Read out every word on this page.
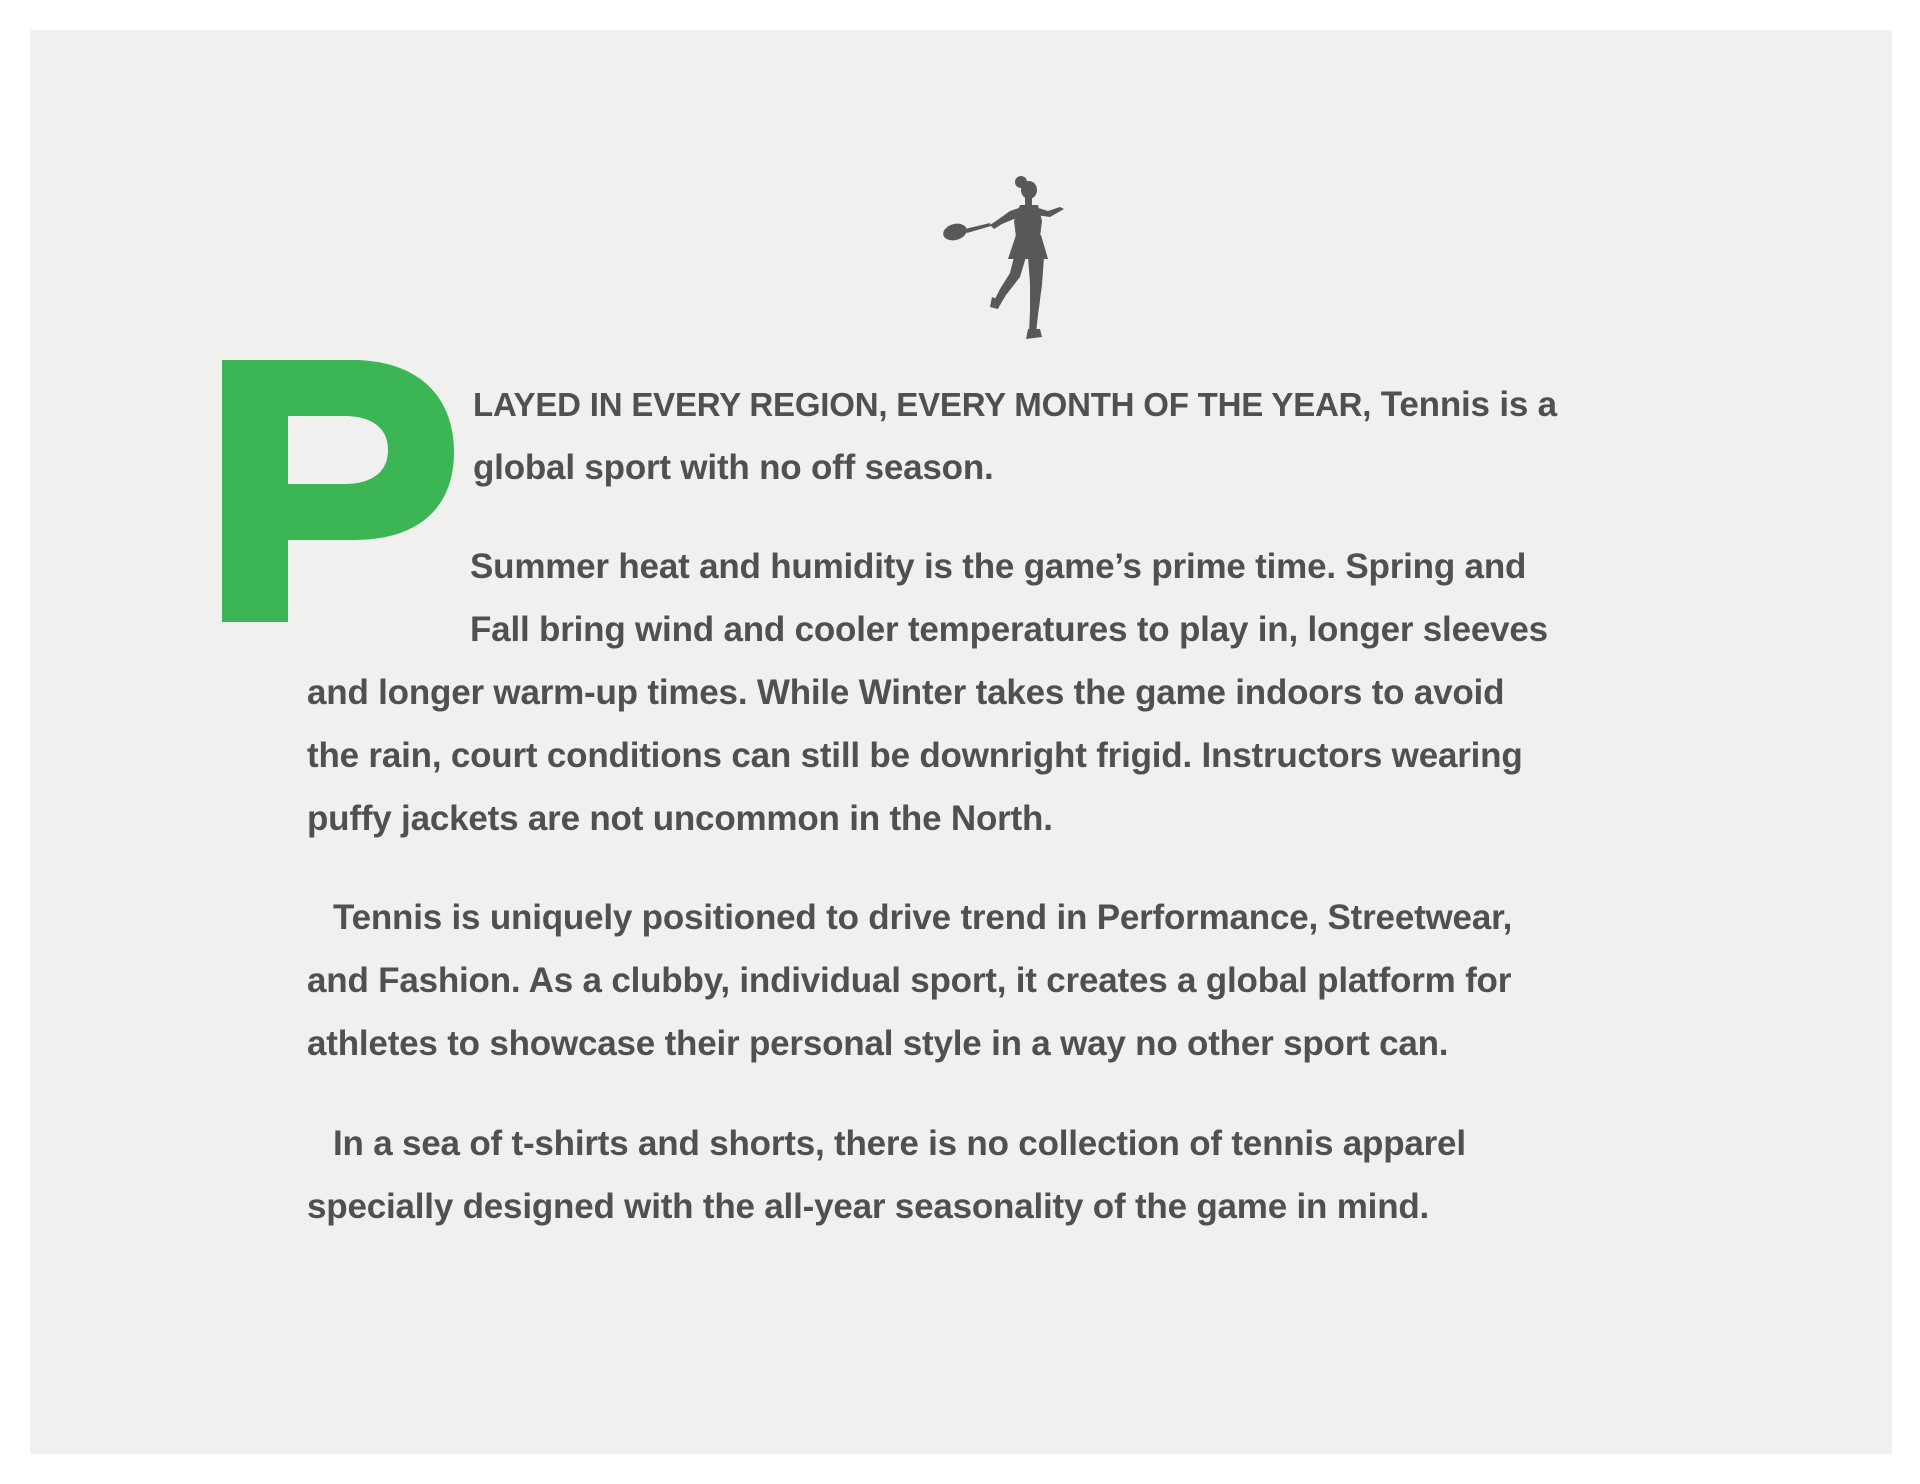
LAYED IN EVERY REGION, EVERY MONTH OF THE YEAR, Tennis is a
global sport with no off season.
Summer heat and humidity is the game’s prime time. Spring and
Fall bring wind and cooler temperatures to play in, longer sleeves
and longer warm-up times. While Winter takes the game indoors to avoid
the rain, court conditions can still be downright frigid. Instructors wearing
puffy jackets are not uncommon in the North.
Tennis is uniquely positioned to drive trend in Performance, Streetwear,
and Fashion. As a clubby, individual sport, it creates a global platform for
athletes to showcase their personal style in a way no other sport can.
In a sea of t-shirts and shorts, there is no collection of tennis apparel
specially designed with the all-year seasonality of the game in mind.
